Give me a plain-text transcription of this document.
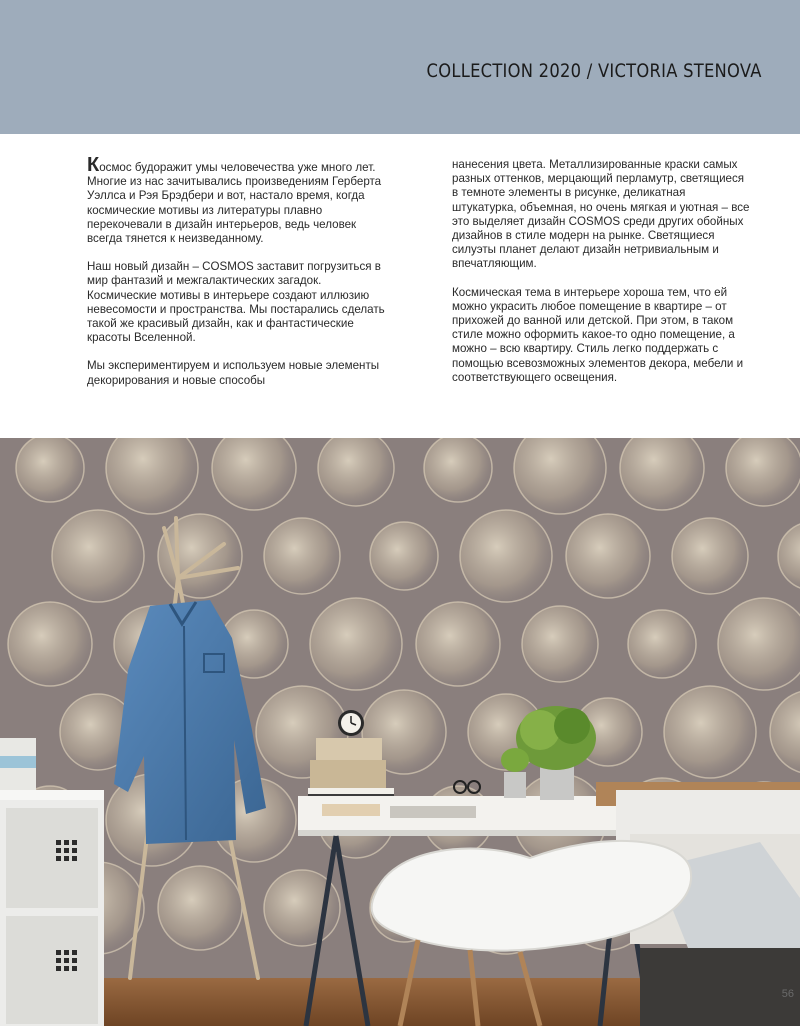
COLLECTION 2020 / VICTORIA STENOVA

Космос будоражит умы человечества уже много лет. Многие из нас зачитывались произведениям Герберта Уэллса и Рэя Брэдбери и вот, настало время, когда космические мотивы из литературы плавно перекочевали в дизайн интерьеров, ведь человек всегда тянется к неизведанному.

Наш новый дизайн – COSMOS заставит погрузиться в мир фантазий и межгалактических загадок. Космические мотивы в интерьере создают иллюзию невесомости и пространства. Мы постарались сделать такой же красивый дизайн, как и фантастические красоты Вселенной.

Мы экспериментируем и используем новые элементы декорирования и новые способы

нанесения цвета. Металлизированные краски самых разных оттенков, мерцающий перламутр, светящиеся в темноте элементы в рисунке, деликатная штукатурка, объемная, но очень мягкая и уютная – все это выделяет дизайн COSMOS среди других обойных дизайнов в стиле модерн на рынке. Светящиеся силуэты планет делают дизайн нетривиальным и впечатляющим.

Космическая тема в интерьере хороша тем, что ей можно украсить любое помещение в квартире – от прихожей до ванной или детской. При этом, в таком стиле можно оформить какое-то одно помещение, а можно – всю квартиру. Стиль легко поддержать с помощью всевозможных элементов декора, мебели и соответствующего освещения.

56
